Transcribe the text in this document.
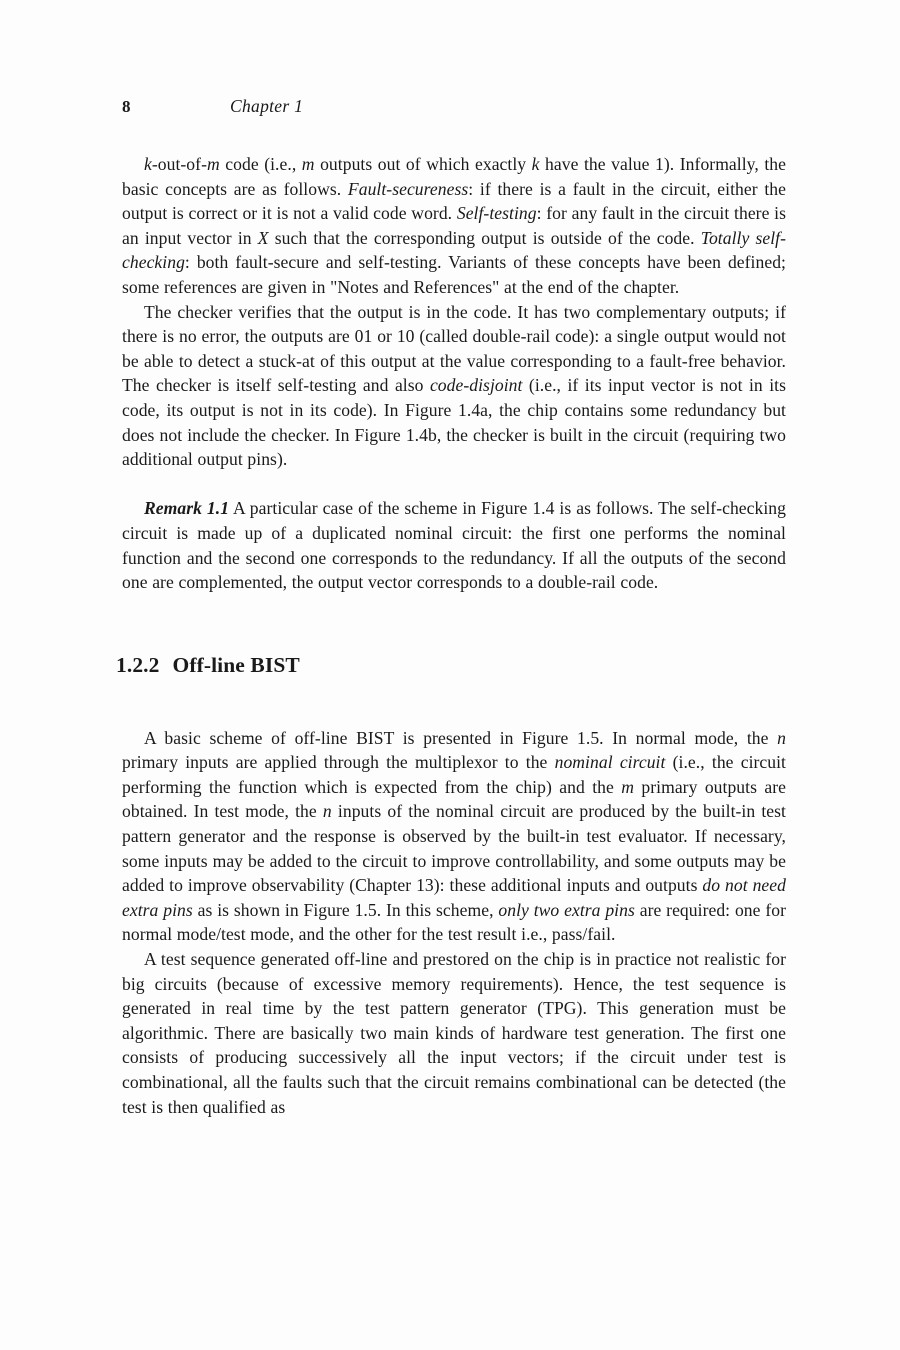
8	Chapter 1

k-out-of-m code (i.e., m outputs out of which exactly k have the value 1). Informally, the basic concepts are as follows. Fault-secureness: if there is a fault in the circuit, either the output is correct or it is not a valid code word. Self-testing: for any fault in the circuit there is an input vector in X such that the corresponding output is outside of the code. Totally self-checking: both fault-secure and self-testing. Variants of these concepts have been defined; some references are given in "Notes and References" at the end of the chapter.

The checker verifies that the output is in the code. It has two complementary outputs; if there is no error, the outputs are 01 or 10 (called double-rail code): a single output would not be able to detect a stuck-at of this output at the value corresponding to a fault-free behavior. The checker is itself self-testing and also code-disjoint (i.e., if its input vector is not in its code, its output is not in its code). In Figure 1.4a, the chip contains some redundancy but does not include the checker. In Figure 1.4b, the checker is built in the circuit (requiring two additional output pins).

Remark 1.1 A particular case of the scheme in Figure 1.4 is as follows. The self-checking circuit is made up of a duplicated nominal circuit: the first one performs the nominal function and the second one corresponds to the redundancy. If all the outputs of the second one are complemented, the output vector corresponds to a double-rail code.

1.2.2 Off-line BIST

A basic scheme of off-line BIST is presented in Figure 1.5. In normal mode, the n primary inputs are applied through the multiplexor to the nominal circuit (i.e., the circuit performing the function which is expected from the chip) and the m primary outputs are obtained. In test mode, the n inputs of the nominal circuit are produced by the built-in test pattern generator and the response is observed by the built-in test evaluator. If necessary, some inputs may be added to the circuit to improve controllability, and some outputs may be added to improve observability (Chapter 13): these additional inputs and outputs do not need extra pins as is shown in Figure 1.5. In this scheme, only two extra pins are required: one for normal mode/test mode, and the other for the test result i.e., pass/fail.

A test sequence generated off-line and prestored on the chip is in practice not realistic for big circuits (because of excessive memory requirements). Hence, the test sequence is generated in real time by the test pattern generator (TPG). This generation must be algorithmic. There are basically two main kinds of hardware test generation. The first one consists of producing successively all the input vectors; if the circuit under test is combinational, all the faults such that the circuit remains combinational can be detected (the test is then qualified as
